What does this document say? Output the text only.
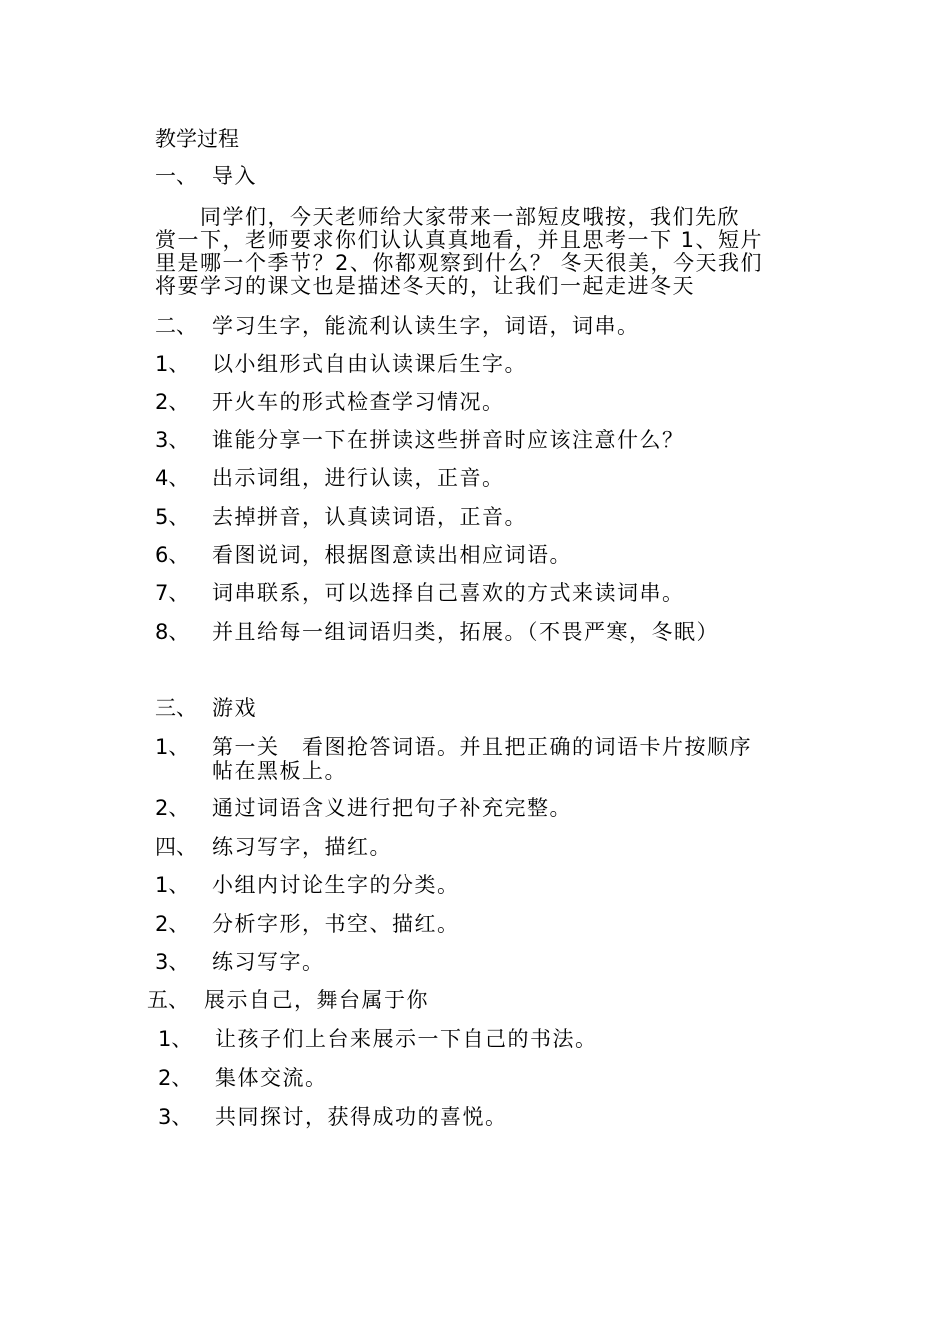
教学过程
一、 导入
　　同学们，今天老师给大家带来一部短皮哦按，我们先欣
赏一下，老师要求你们认认真真地看，并且思考一下 1、短片
里是哪一个季节？2、你都观察到什么？ 冬天很美，今天我们
将要学习的课文也是描述冬天的，让我们一起走进冬天
二、 学习生字，能流利认读生字，词语，词串。
1、 以小组形式自由认读课后生字。
2、 开火车的形式检查学习情况。
3、 谁能分享一下在拼读这些拼音时应该注意什么？
4、 出示词组，进行认读，正音。
5、 去掉拼音，认真读词语，正音。
6、 看图说词，根据图意读出相应词语。
7、 词串联系，可以选择自己喜欢的方式来读词串。
8、 并且给每一组词语归类，拓展。（不畏严寒，冬眠）
三、 游戏
1、 第一关　看图抢答词语。并且把正确的词语卡片按顺序
帖在黑板上。
2、 通过词语含义进行把句子补充完整。
四、 练习写字，描红。
1、 小组内讨论生字的分类。
2、 分析字形，书空、描红。
3、 练习写字。
五、 展示自己，舞台属于你
1、 让孩子们上台来展示一下自己的书法。
2、 集体交流。
3、 共同探讨，获得成功的喜悦。
